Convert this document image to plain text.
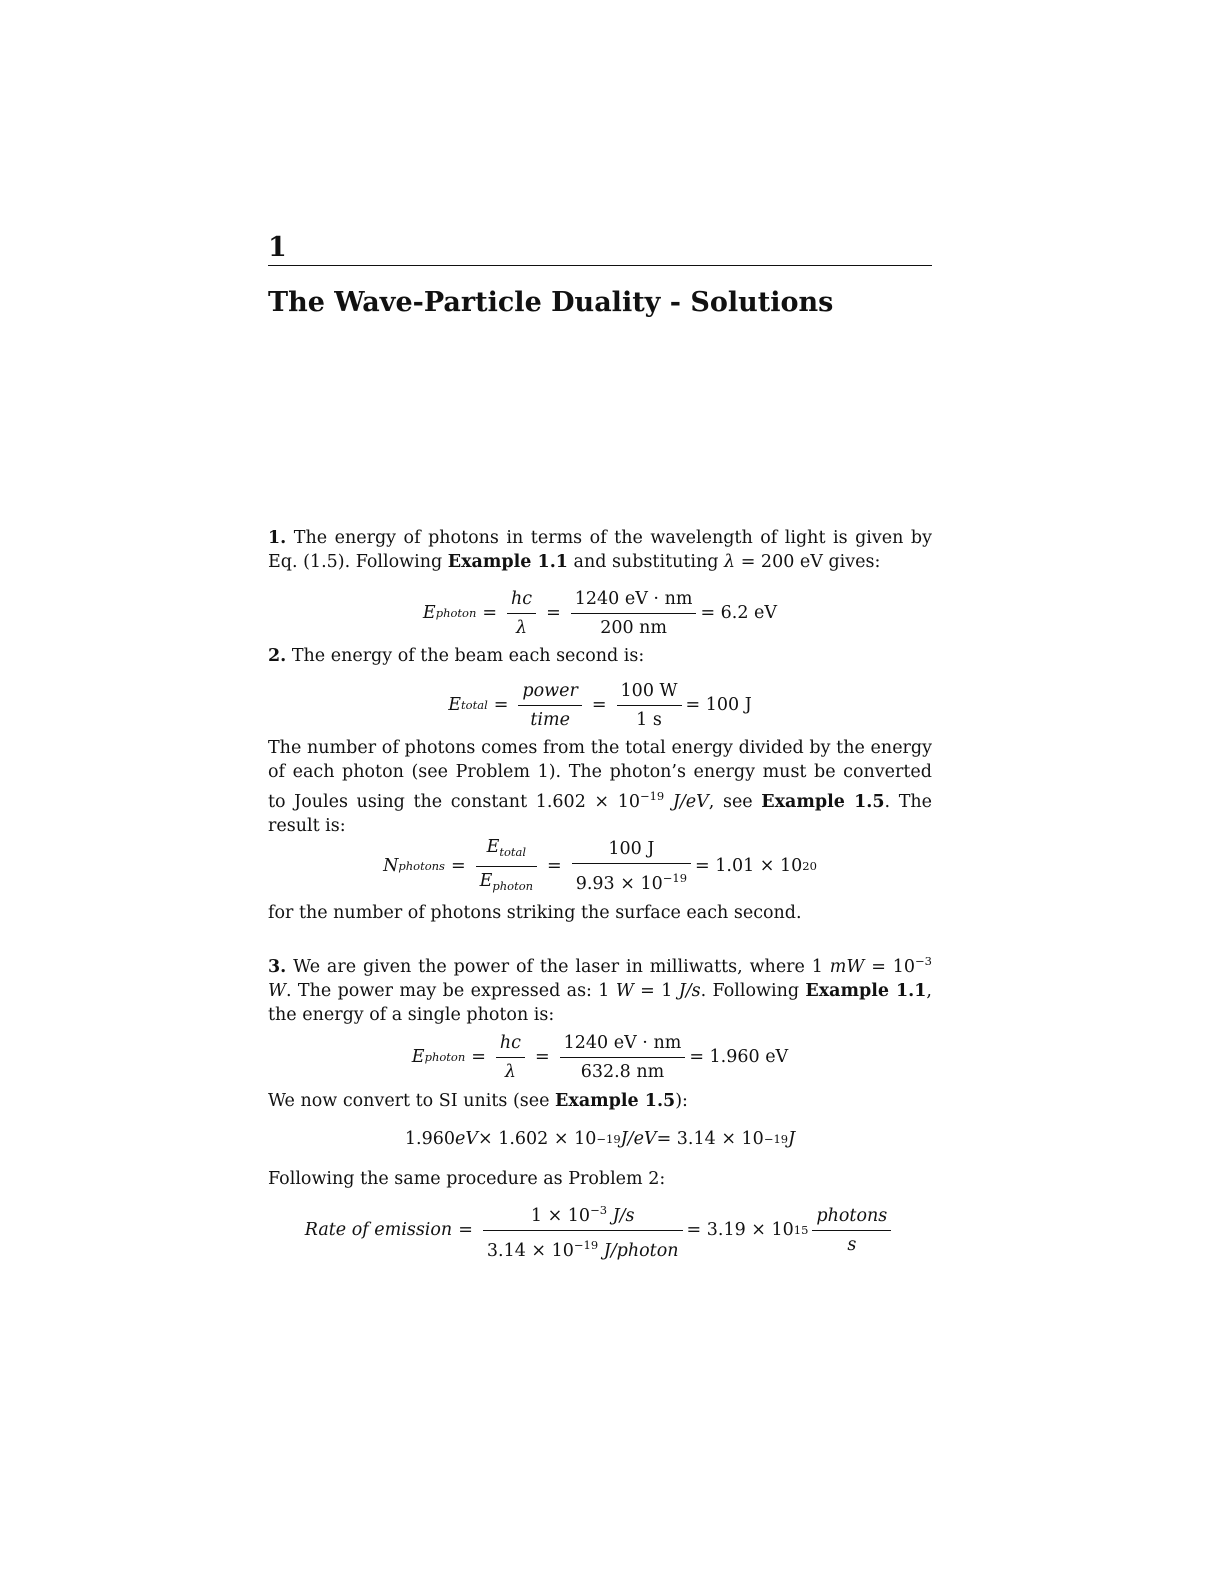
1
The Wave-Particle Duality - Solutions
1. The energy of photons in terms of the wavelength of light is given by Eq. (1.5). Following Example 1.1 and substituting λ = 200 eV gives:
E photon = $\frac{hc}{\lambda} = \frac{1240 eV \cdot nm}{200 nm} = 6.2$ eV
2. The energy of the beam each second is:
E total = $\frac{\text{power}}{\text{time}} = \frac{100 W}{1 s} = 100$ J
The number of photons comes from the total energy divided by the energy of each photon (see Problem 1). The photon’s energy must be converted to Joules using the constant $1.602 \times 10^{-19}$ J/eV, see Example 1.5. The result is:
N photons = $\frac{E_{total}}{E_{photon}} = \frac{100 J}{9.93 \times 10^{-19}} = 1.01 \times 10$ 20
for the number of photons striking the surface each second.
3. We are given the power of the laser in milliwatts, where 1 mW = $10^{-3}$ W. The power may be expressed as: 1 W = 1 J/s. Following Example 1.1, the energy of a single photon is:
E photon = $\frac{hc}{\lambda} = \frac{1240 eV \cdot nm}{632.8 nm} = 1.960$ eV
We now convert to SI units (see Example 1.5):
1.960 eV × 1.602 × 10 −19 J/eV = 3.14 × 10 −19 J
Following the same procedure as Problem 2:
Rate of emission = $\frac{1 \times 10^{-3} J/s}{3.14 \times 10^{-19} J/photon} = 3.19 \times 10$ $15 \frac{\text{photons}}{s}$
